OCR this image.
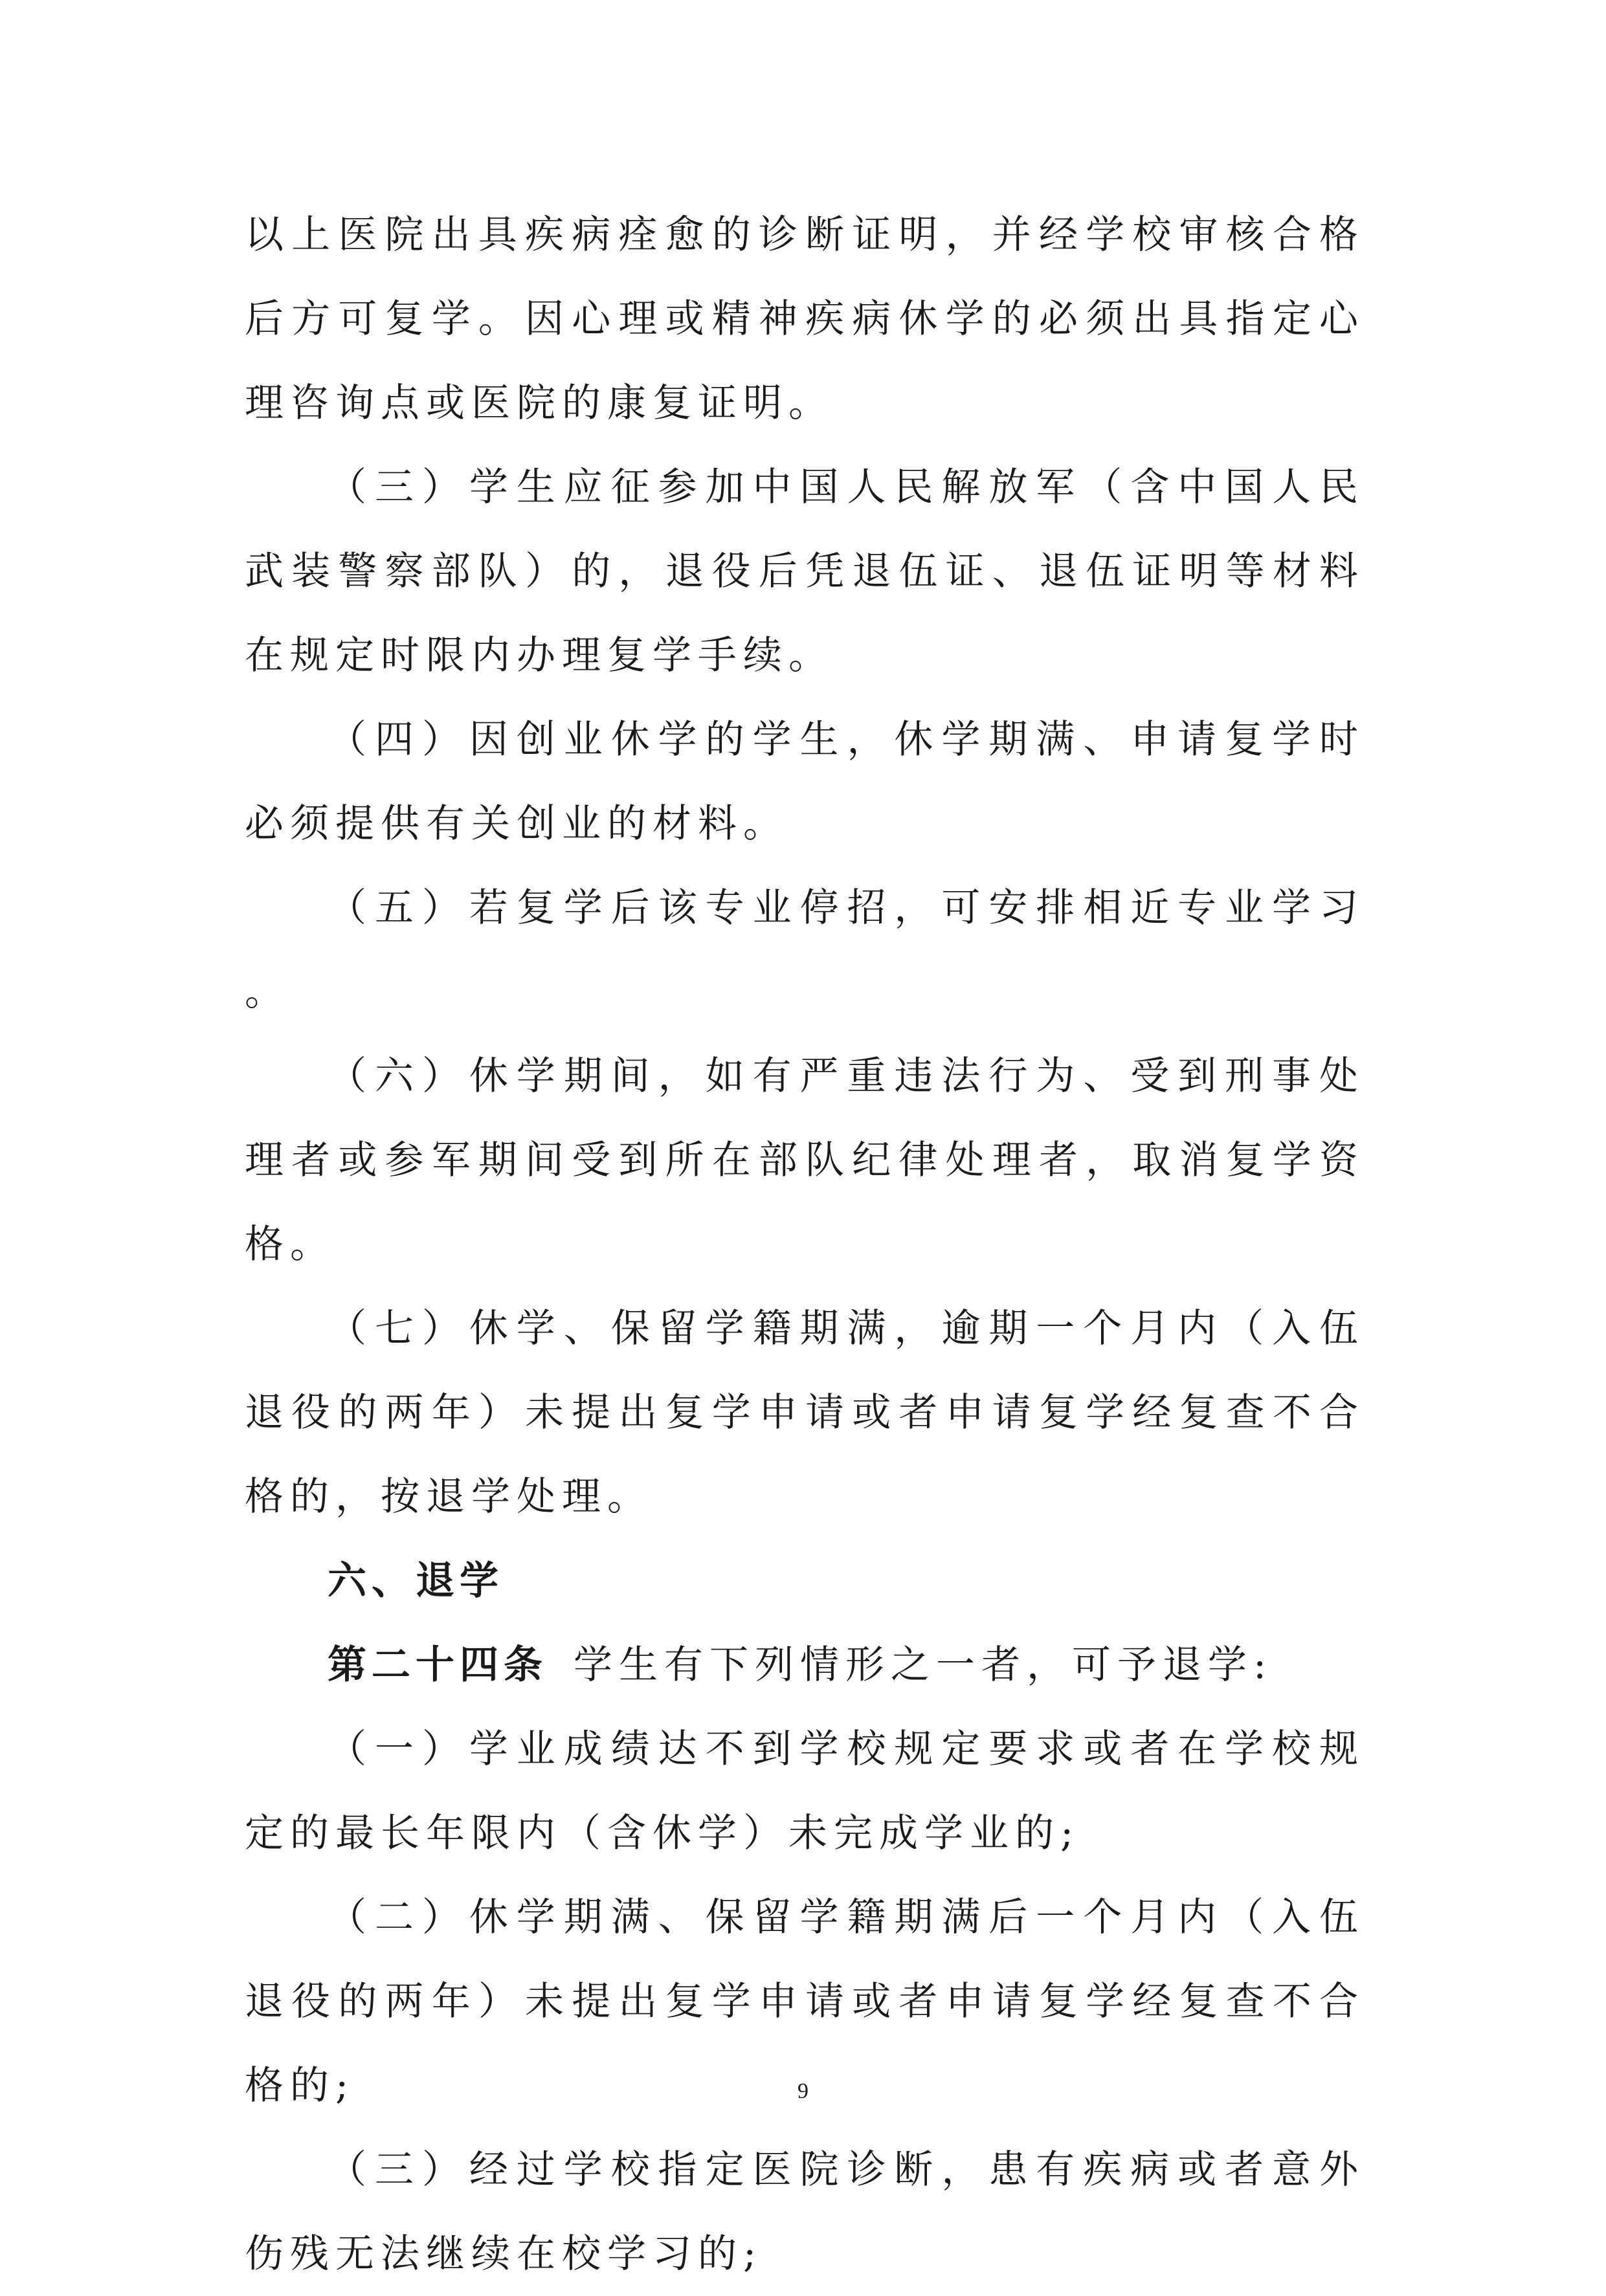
以上医院出具疾病痊愈的诊断证明，并经学校审核合格后方可复学。因心理或精神疾病休学的必须出具指定心理咨询点或医院的康复证明。

（三）学生应征参加中国人民解放军（含中国人民武装警察部队）的，退役后凭退伍证、退伍证明等材料在规定时限内办理复学手续。

（四）因创业休学的学生，休学期满、申请复学时必须提供有关创业的材料。

（五）若复学后该专业停招，可安排相近专业学习。

（六）休学期间，如有严重违法行为、受到刑事处理者或参军期间受到所在部队纪律处理者，取消复学资格。

（七）休学、保留学籍期满，逾期一个月内（入伍退役的两年）未提出复学申请或者申请复学经复查不合格的，按退学处理。

六、退学

第二十四条 学生有下列情形之一者，可予退学:

（一）学业成绩达不到学校规定要求或者在学校规定的最长年限内（含休学）未完成学业的;

（二）休学期满、保留学籍期满后一个月内（入伍退役的两年）未提出复学申请或者申请复学经复查不合格的;

（三）经过学校指定医院诊断，患有疾病或者意外伤残无法继续在校学习的;

9
